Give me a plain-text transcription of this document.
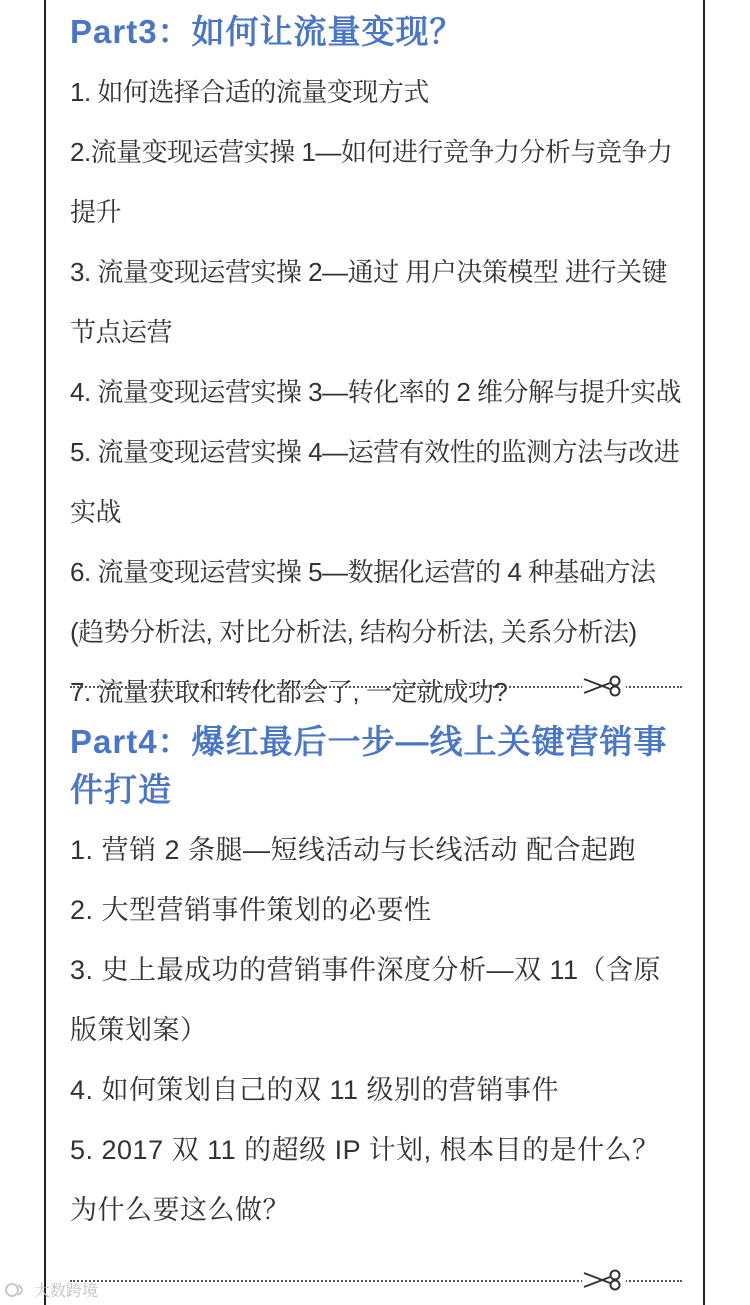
Part3：如何让流量变现？
1. 如何选择合适的流量变现方式
2.流量变现运营实操 1—如何进行竞争力分析与竞争力提升
3. 流量变现运营实操 2—通过 用户决策模型 进行关键节点运营
4. 流量变现运营实操 3—转化率的 2 维分解与提升实战
5. 流量变现运营实操 4—运营有效性的监测方法与改进实战
6. 流量变现运营实操 5—数据化运营的 4 种基础方法 (趋势分析法, 对比分析法, 结构分析法, 关系分析法)
7. 流量获取和转化都会了, 一定就成功?
Part4：爆红最后一步—线上关键营销事件打造
1. 营销 2 条腿—短线活动与长线活动 配合起跑
2. 大型营销事件策划的必要性
3. 史上最成功的营销事件深度分析—双 11（含原版策划案）
4. 如何策划自己的双 11 级别的营销事件
5. 2017 双 11 的超级 IP 计划, 根本目的是什么？为什么要这么做？
大数跨境
